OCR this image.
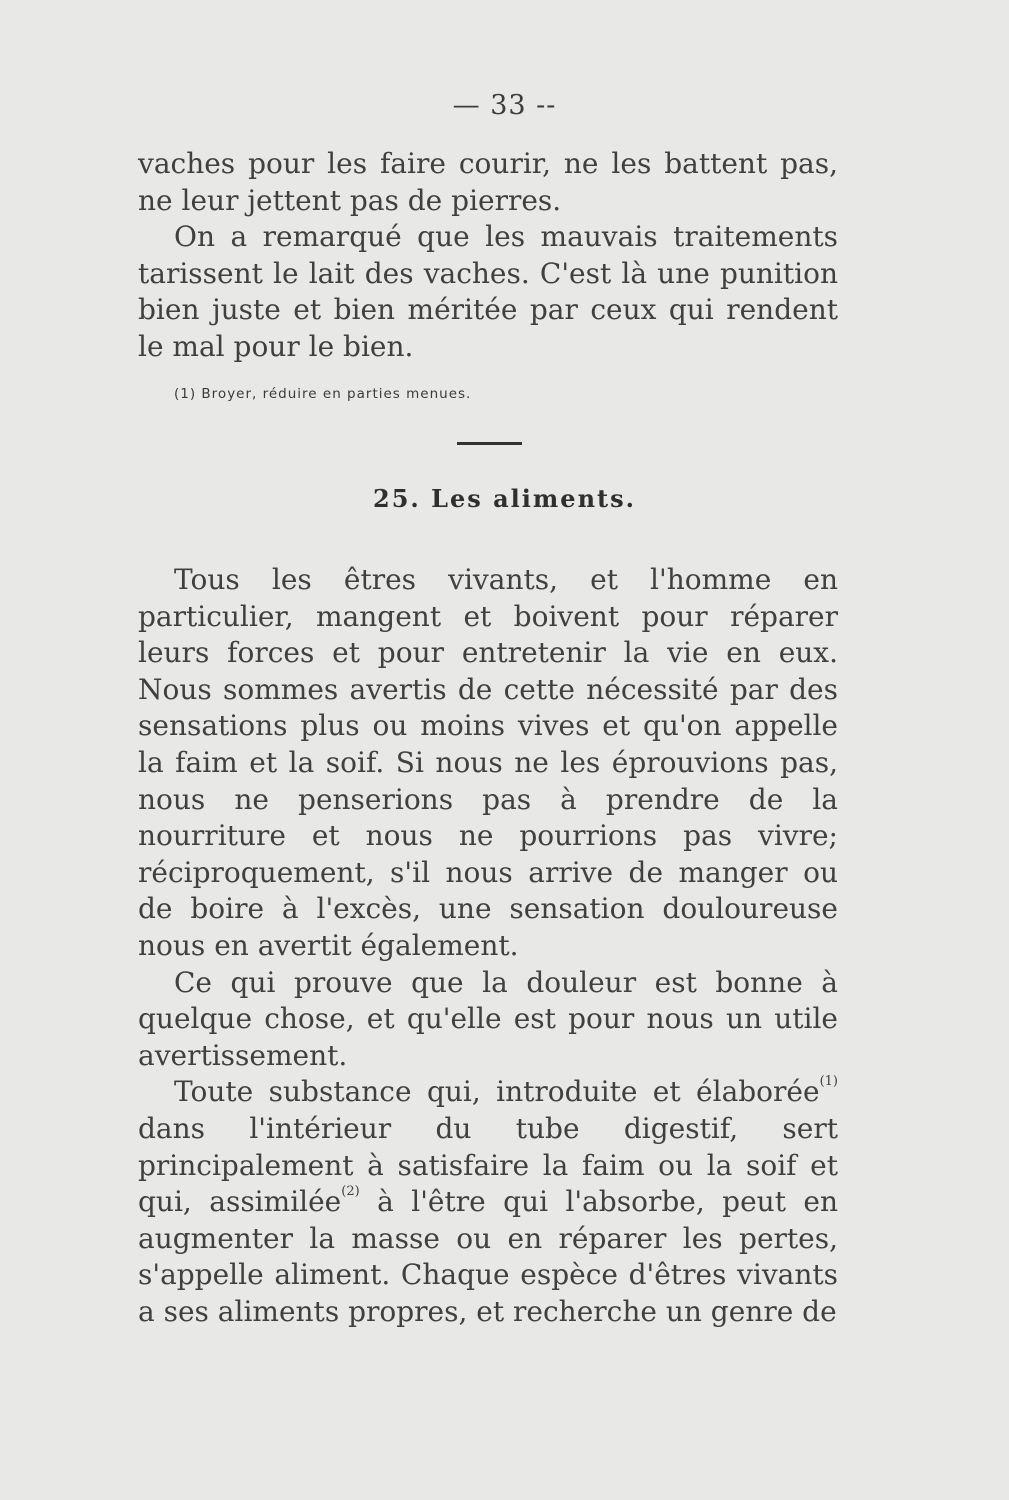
— 33 --

vaches pour les faire courir, ne les battent pas, ne leur jettent pas de pierres.

On a remarqué que les mauvais traitements tarissent le lait des vaches. C'est là une punition bien juste et bien méritée par ceux qui rendent le mal pour le bien.

(1) Broyer, réduire en parties menues.
25. Les aliments.

Tous les êtres vivants, et l'homme en particulier, mangent et boivent pour réparer leurs forces et pour entretenir la vie en eux. Nous sommes avertis de cette nécessité par des sensations plus ou moins vives et qu'on appelle la faim et la soif. Si nous ne les éprouvions pas, nous ne penserions pas à prendre de la nourriture et nous ne pourrions pas vivre; réciproquement, s'il nous arrive de manger ou de boire à l'excès, une sensation douloureuse nous en avertit également.

Ce qui prouve que la douleur est bonne à quelque chose, et qu'elle est pour nous un utile avertissement.

Toute substance qui, introduite et élaborée$^{(1)}$ dans l'intérieur du tube digestif, sert principalement à satisfaire la faim ou la soif et qui, assimilée$^{(2)}$ à l'être qui l'absorbe, peut en augmenter la masse ou en réparer les pertes, s'appelle aliment. Chaque espèce d'êtres vivants a ses aliments propres, et recherche un genre de
